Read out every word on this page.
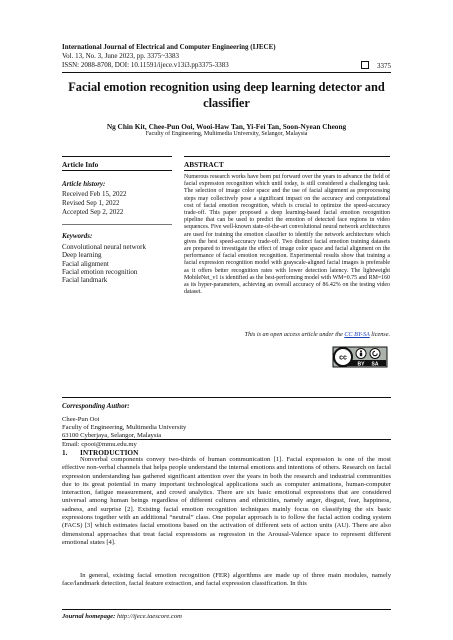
International Journal of Electrical and Computer Engineering (IJECE)
Vol. 13, No. 3, June 2023, pp. 3375~3383
ISSN: 2088-8708, DOI: 10.11591/ijece.v13i3.pp3375-3383	3375
Facial emotion recognition using deep learning detector and classifier
Ng Chin Kit, Chee-Pun Ooi, Wooi-Haw Tan, Yi-Fei Tan, Soon-Nyean Cheong
Faculty of Engineering, Multimedia University, Selangor, Malaysia
Article Info	ABSTRACT
Article history:
Received Feb 15, 2022
Revised Sep 1, 2022
Accepted Sep 2, 2022
Keywords:
Convolutional neural network
Deep learning
Facial alignment
Facial emotion recognition
Facial landmark
Numerous research works have been put forward over the years to advance the field of facial expression recognition which until today, is still considered a challenging task. The selection of image color space and the use of facial alignment as preprocessing steps may collectively pose a significant impact on the accuracy and computational cost of facial emotion recognition, which is crucial to optimize the speed-accuracy trade-off. This paper proposed a deep learning-based facial emotion recognition pipeline that can be used to predict the emotion of detected face regions in video sequences. Five well-known state-of-the-art convolutional neural network architectures are used for training the emotion classifier to identify the network architecture which gives the best speed-accuracy trade-off. Two distinct facial emotion training datasets are prepared to investigate the effect of image color space and facial alignment on the performance of facial emotion recognition. Experimental results show that training a facial expression recognition model with grayscale-aligned facial images is preferable as it offers better recognition rates with lower detection latency. The lightweight MobileNet_v1 is identified as the best-performing model with WM=0.75 and RM=160 as its hyper-parameters, achieving an overall accuracy of 86.42% on the testing video dataset.
This is an open access article under the CC BY-SA license.
cc
BY SA
Corresponding Author:
Chee-Pun Ooi
Faculty of Engineering, Multimedia University
63100 Cyberjaya, Selangor, Malaysia
Email: cpooi@mmu.edu.my
1. INTRODUCTION
Nonverbal components convey two-thirds of human communication [1]. Facial expression is one of the most effective non-verbal channels that helps people understand the internal emotions and intentions of others. Research on facial expression understanding has gathered significant attention over the years in both the research and industrial communities due to its great potential in many important technological applications such as computer animations, human-computer interaction, fatigue measurement, and crowd analytics. There are six basic emotional expressions that are considered universal among human beings regardless of different cultures and ethnicities, namely anger, disgust, fear, happiness, sadness, and surprise [2]. Existing facial emotion recognition techniques mainly focus on classifying the six basic expressions together with an additional “neutral” class. One popular approach is to follow the facial action coding system (FACS) [3] which estimates facial emotions based on the activation of different sets of action units (AU). There are also dimensional approaches that treat facial expressions as regression in the Arousal-Valence space to represent different emotional states [4].
In general, existing facial emotion recognition (FER) algorithms are made up of three main modules, namely face/landmark detection, facial feature extraction, and facial expression classification. In this
Journal homepage: http://ijece.iaescore.com
